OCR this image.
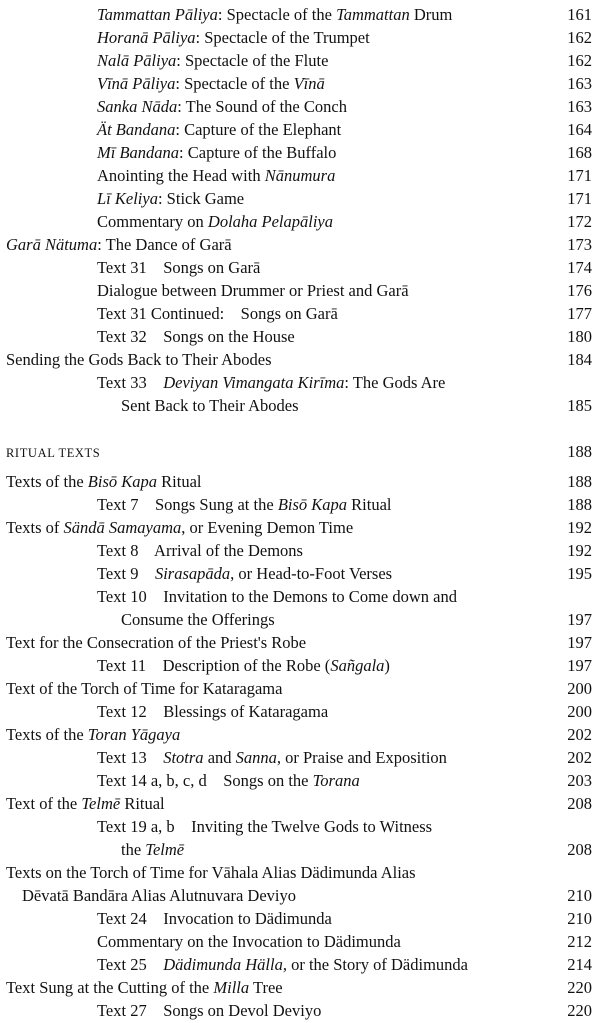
Tammattan Pāliya: Spectacle of the Tammattan Drum	161
Horanā Pāliya: Spectacle of the Trumpet	162
Nalā Pāliya: Spectacle of the Flute	162
Vīnā Pāliya: Spectacle of the Vīnā	163
Sanka Nāda: The Sound of the Conch	163
Ät Bandana: Capture of the Elephant	164
Mī Bandana: Capture of the Buffalo	168
Anointing the Head with Nānumura	171
Lī Keliya: Stick Game	171
Commentary on Dolaha Pelapāliya	172
Garā Nätuma: The Dance of Garā	173
Text 31    Songs on Garā	174
Dialogue between Drummer or Priest and Garā	176
Text 31 Continued:    Songs on Garā	177
Text 32    Songs on the House	180
Sending the Gods Back to Their Abodes	184
Text 33    Deviyan Vimangata Kirīma: The Gods Are
Sent Back to Their Abodes	185
RITUAL TEXTS	188
Texts of the Bisō Kapa Ritual	188
Text 7    Songs Sung at the Bisō Kapa Ritual	188
Texts of Sändā Samayama, or Evening Demon Time	192
Text 8    Arrival of the Demons	192
Text 9    Sirasapāda, or Head-to-Foot Verses	195
Text 10    Invitation to the Demons to Come down and
Consume the Offerings	197
Text for the Consecration of the Priest's Robe	197
Text 11    Description of the Robe (Sañgala)	197
Text of the Torch of Time for Kataragama	200
Text 12    Blessings of Kataragama	200
Texts of the Toran Yāgaya	202
Text 13    Stotra and Sanna, or Praise and Exposition	202
Text 14 a, b, c, d    Songs on the Torana	203
Text of the Telmē Ritual	208
Text 19 a, b    Inviting the Twelve Gods to Witness
the Telmē	208
Texts on the Torch of Time for Vāhala Alias Dädimunda Alias
Dēvatā Bandāra Alias Alutnuvara Deviyo	210
Text 24    Invocation to Dädimunda	210
Commentary on the Invocation to Dädimunda	212
Text 25    Dädimunda Hälla, or the Story of Dädimunda	214
Text Sung at the Cutting of the Milla Tree	220
Text 27    Songs on Devol Deviyo	220
